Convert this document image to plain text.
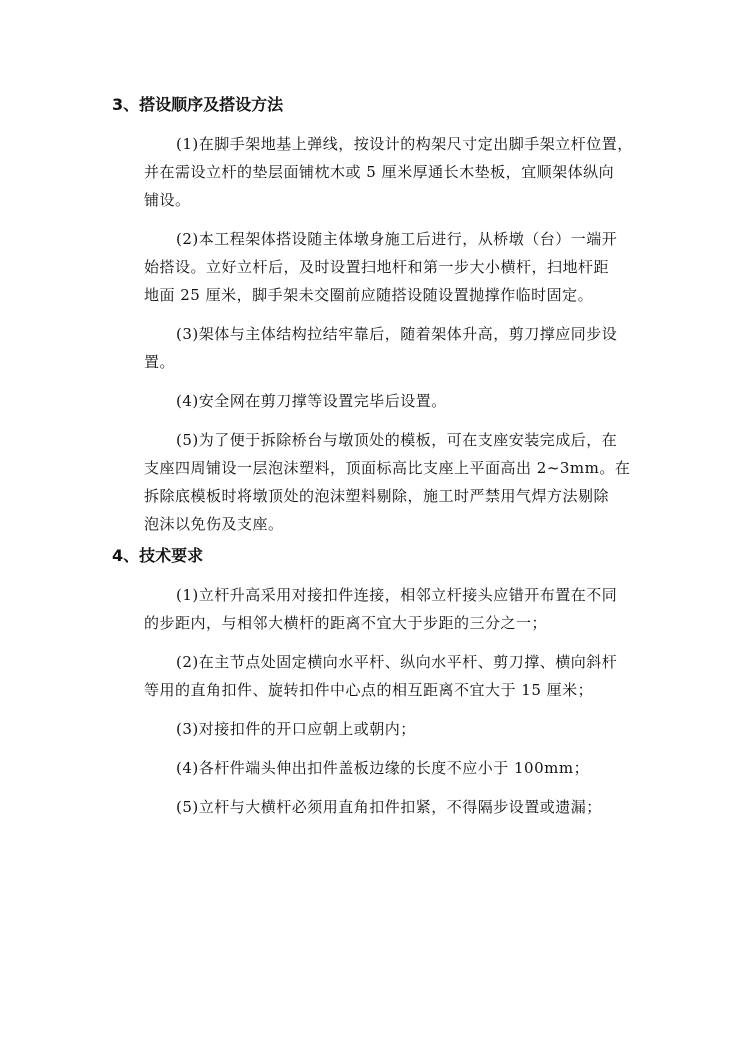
3、搭设顺序及搭设方法
(1)在脚手架地基上弹线，按设计的构架尺寸定出脚手架立杆位置，
并在需设立杆的垫层面铺枕木或 5 厘米厚通长木垫板，宜顺架体纵向
铺设。
(2)本工程架体搭设随主体墩身施工后进行，从桥墩（台）一端开
始搭设。立好立杆后，及时设置扫地杆和第一步大小横杆，扫地杆距
地面 25 厘米，脚手架未交圈前应随搭设随设置抛撑作临时固定。
(3)架体与主体结构拉结牢靠后，随着架体升高，剪刀撑应同步设
置。
(4)安全网在剪刀撑等设置完毕后设置。
(5)为了便于拆除桥台与墩顶处的模板，可在支座安装完成后，在
支座四周铺设一层泡沫塑料，顶面标高比支座上平面高出 2~3mm。在
拆除底模板时将墩顶处的泡沫塑料剔除，施工时严禁用气焊方法剔除
泡沫以免伤及支座。
4、技术要求
(1)立杆升高采用对接扣件连接，相邻立杆接头应错开布置在不同
的步距内，与相邻大横杆的距离不宜大于步距的三分之一；
(2)在主节点处固定横向水平杆、纵向水平杆、剪刀撑、横向斜杆
等用的直角扣件、旋转扣件中心点的相互距离不宜大于 15 厘米；
(3)对接扣件的开口应朝上或朝内；
(4)各杆件端头伸出扣件盖板边缘的长度不应小于 100mm；
(5)立杆与大横杆必须用直角扣件扣紧，不得隔步设置或遗漏；
